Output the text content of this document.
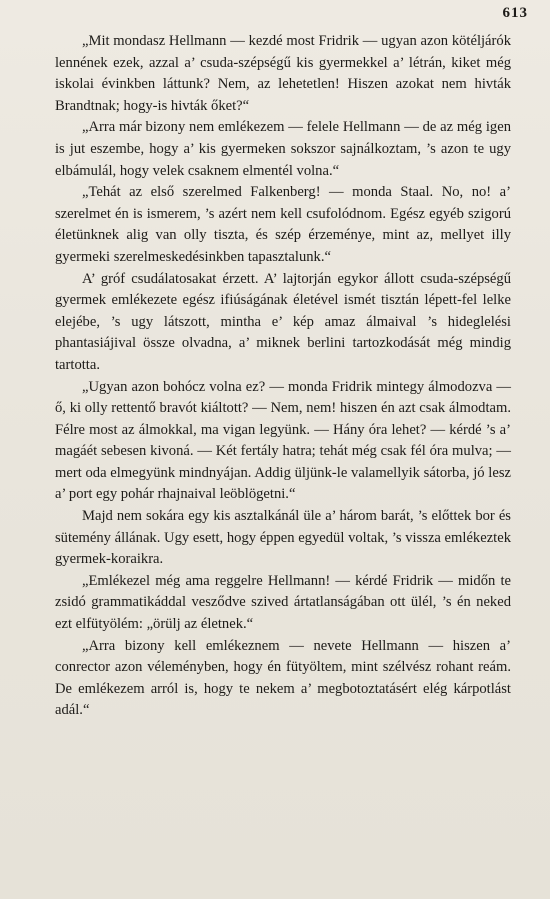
613

„Mit mondasz Hellmann — kezdé most Fridrik — ugyan azon kötéljárók lennének ezek, azzal a’ csuda-szépségű kis gyermekkel a’ létrán, kiket még iskolai évinkben láttunk? Nem, az lehetetlen! Hiszen azokat nem hivták Brandtnak; hogy-is hivták őket?“

„Arra már bizony nem emlékezem — felele Hellmann — de az még igen is jut eszembe, hogy a’ kis gyermeken sokszor sajnálkoztam, ’s azon te ugy elbámulál, hogy velek csaknem elmentél volna.“

„Tehát az első szerelmed Falkenberg! — monda Staal. No, no! a’ szerelmet én is ismerem, ’s azért nem kell csufolódnom. Egész egyéb szigorú életünknek alig van olly tiszta, és szép érzeménye, mint az, mellyet illy gyermeki szerelmeskedésinkben tapasztalunk.“

A’ gróf csudálatosakat érzett. A’ lajtorján egykor állott csuda-szépségű gyermek emlékezete egész ifiúságának életével ismét tisztán lépett-fel lelke elejébe, ’s ugy látszott, mintha e’ kép amaz álmaival ’s hideglelési phantasiájival össze olvadna, a’ miknek berlini tartozkodását még mindig tartotta.

„Ugyan azon bohócz volna ez? — monda Fridrik mintegy álmodozva — ő, ki olly rettentő bravót kiáltott? — Nem, nem! hiszen én azt csak álmodtam. Félre most az álmokkal, ma vigan legyünk. — Hány óra lehet? — kérdé ’s a’ magáét sebesen kivoná. — Két fertály hatra; tehát még csak fél óra mulva; — mert oda elmegyünk mindnyájan. Addig üljünk-le valamellyik sátorba, jó lesz a’ port egy pohár rhajnaival leöblögetni.“

Majd nem sokára egy kis asztalkánál üle a’ három barát, ’s előttek bor és sütemény állának. Ugy esett, hogy éppen egyedül voltak, ’s vissza emlékeztek gyermek-koraikra.

„Emlékezel még ama reggelre Hellmann! — kérdé Fridrik — midőn te zsidó grammatikáddal vesződve szived ártatlanságában ott ülél, ’s én neked ezt elfütyölém: „örülj az életnek.“

„Arra bizony kell emlékeznem — nevete Hellmann — hiszen a’ conrector azon véleményben, hogy én fütyöltem, mint szélvész rohant reám. De emlékezem arról is, hogy te nekem a’ megbotoztatásért elég kárpotlást adál.“
